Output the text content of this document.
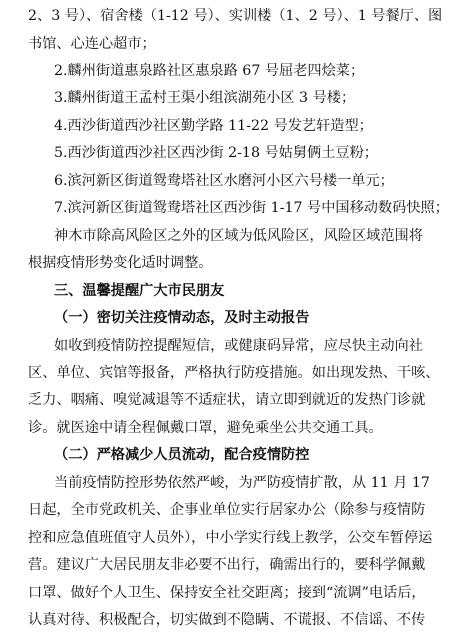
2、3 号）、宿舍楼（1-12 号）、实训楼（1、2 号）、1 号餐厅、图
书馆、心连心超市；
2.麟州街道惠泉路社区惠泉路 67 号屈老四烩菜；
3.麟州街道王孟村王渠小组滨湖苑小区 3 号楼；
4.西沙街道西沙社区勤学路 11-22 号发艺轩造型；
5.西沙街道西沙社区西沙街 2-18 号姑舅俩土豆粉；
6.滨河新区街道鸳鸯塔社区水磨河小区六号楼一单元；
7.滨河新区街道鸳鸯塔社区西沙街 1-17 号中国移动数码快照；
神木市除高风险区之外的区域为低风险区，风险区域范围将
根据疫情形势变化适时调整。
三、温馨提醒广大市民朋友
（一）密切关注疫情动态，及时主动报告
如收到疫情防控提醒短信，或健康码异常，应尽快主动向社
区、单位、宾馆等报备，严格执行防疫措施。如出现发热、干咳、
乏力、咽痛、嗅觉减退等不适症状，请立即到就近的发热门诊就
诊。就医途中请全程佩戴口罩，避免乘坐公共交通工具。
（二）严格减少人员流动，配合疫情防控
当前疫情防控形势依然严峻，为严防疫情扩散，从 11 月 17
日起，全市党政机关、企事业单位实行居家办公（除参与疫情防
控和应急值班值守人员外），中小学实行线上教学，公交车暂停运
营。建议广大居民朋友非必要不出行，确需出行的，要科学佩戴
口罩、做好个人卫生、保持安全社交距离；接到“流调”电话后，
认真对待、积极配合，切实做到不隐瞒、不谎报、不信谣、不传
